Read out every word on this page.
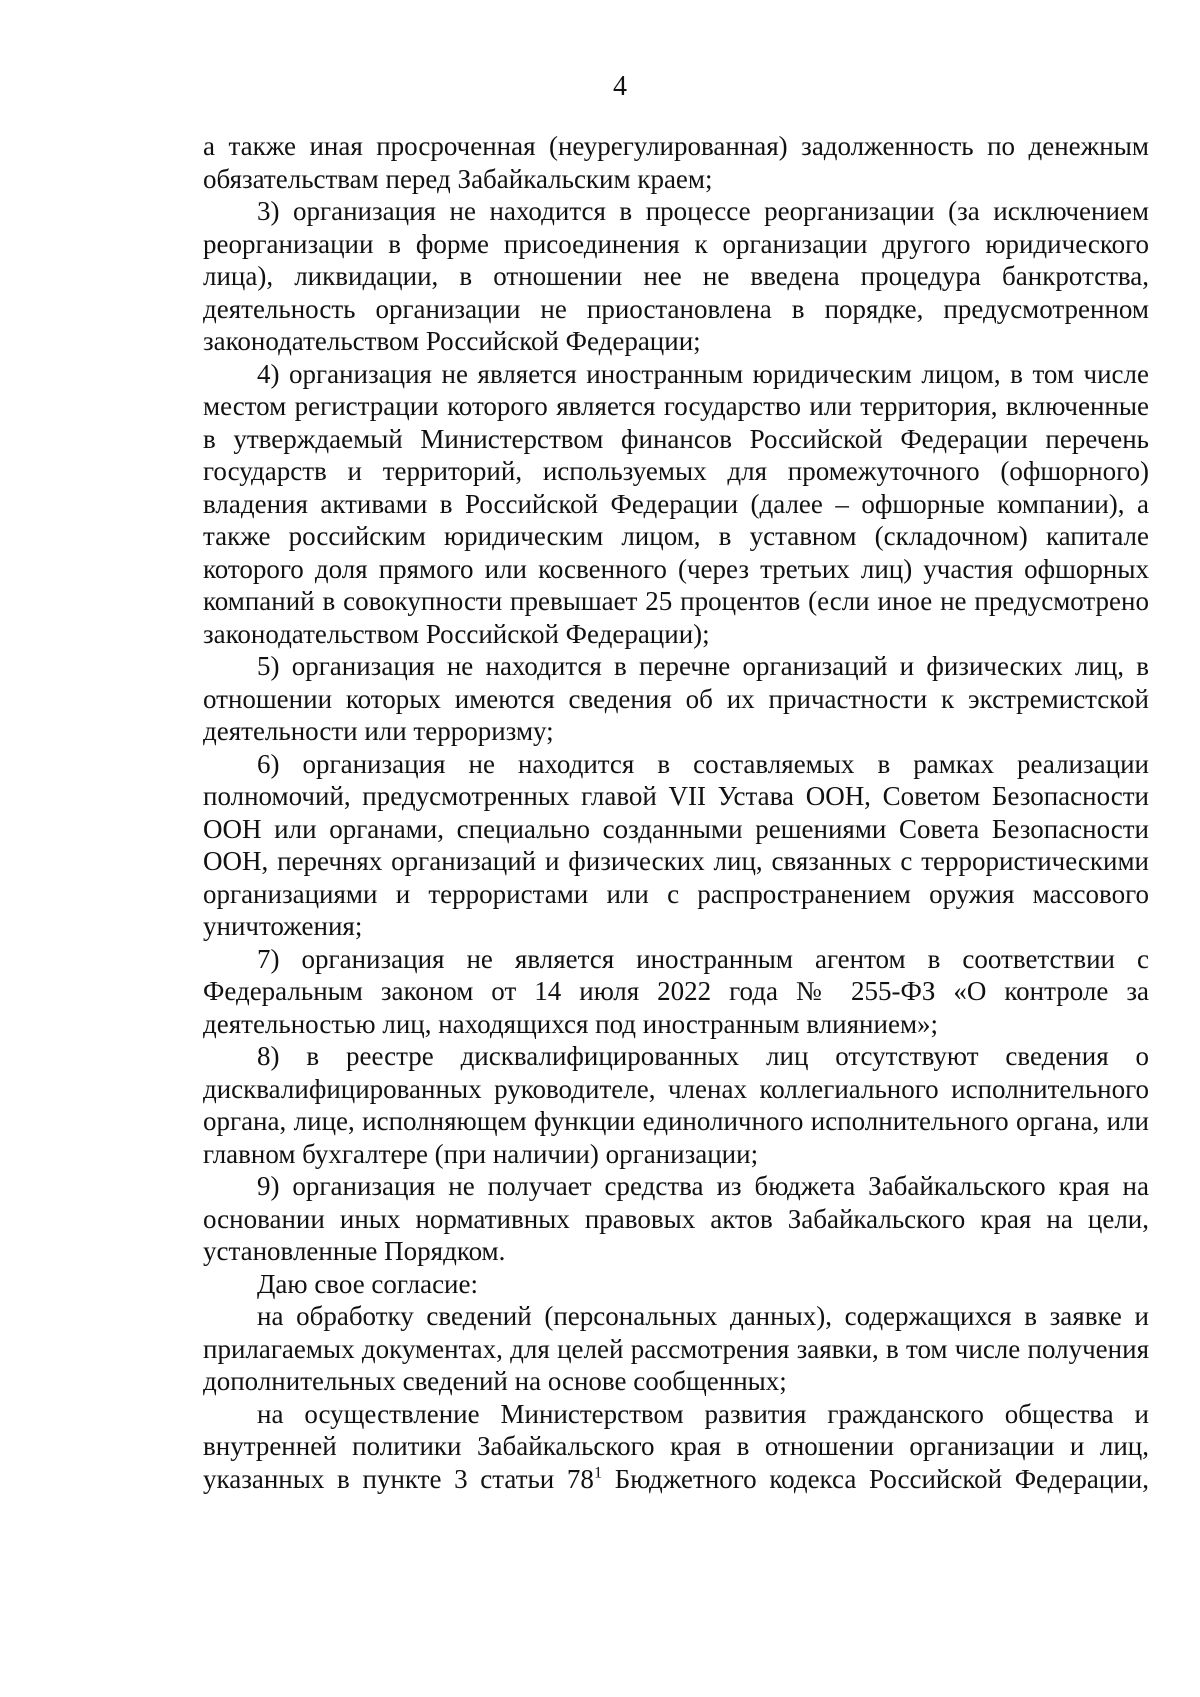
4

а также иная просроченная (неурегулированная) задолженность по денежным обязательствам перед Забайкальским краем;

3) организация не находится в процессе реорганизации (за исключением реорганизации в форме присоединения к организации другого юридического лица), ликвидации, в отношении нее не введена процедура банкротства, деятельность организации не приостановлена в порядке, предусмотренном законодательством Российской Федерации;

4) организация не является иностранным юридическим лицом, в том числе местом регистрации которого является государство или территория, включенные в утверждаемый Министерством финансов Российской Федерации перечень государств и территорий, используемых для промежуточного (офшорного) владения активами в Российской Федерации (далее – офшорные компании), а также российским юридическим лицом, в уставном (складочном) капитале которого доля прямого или косвенного (через третьих лиц) участия офшорных компаний в совокупности превышает 25 процентов (если иное не предусмотрено законодательством Российской Федерации);

5) организация не находится в перечне организаций и физических лиц, в отношении которых имеются сведения об их причастности к экстремистской деятельности или терроризму;

6) организация не находится в составляемых в рамках реализации полномочий, предусмотренных главой VII Устава ООН, Советом Безопасности ООН или органами, специально созданными решениями Совета Безопасности ООН, перечнях организаций и физических лиц, связанных с террористическими организациями и террористами или с распространением оружия массового уничтожения;

7) организация не является иностранным агентом в соответствии с Федеральным законом от 14 июля 2022 года № 255-ФЗ «О контроле за деятельностью лиц, находящихся под иностранным влиянием»;

8) в реестре дисквалифицированных лиц отсутствуют сведения о дисквалифицированных руководителе, членах коллегиального исполнительного органа, лице, исполняющем функции единоличного исполнительного органа, или главном бухгалтере (при наличии) организации;

9) организация не получает средства из бюджета Забайкальского края на основании иных нормативных правовых актов Забайкальского края на цели, установленные Порядком.

Даю свое согласие:

на обработку сведений (персональных данных), содержащихся в заявке и прилагаемых документах, для целей рассмотрения заявки, в том числе получения дополнительных сведений на основе сообщенных;

на осуществление Министерством развития гражданского общества и внутренней политики Забайкальского края в отношении организации и лиц, указанных в пункте 3 статьи $78^1$ Бюджетного кодекса Российской Федерации,
